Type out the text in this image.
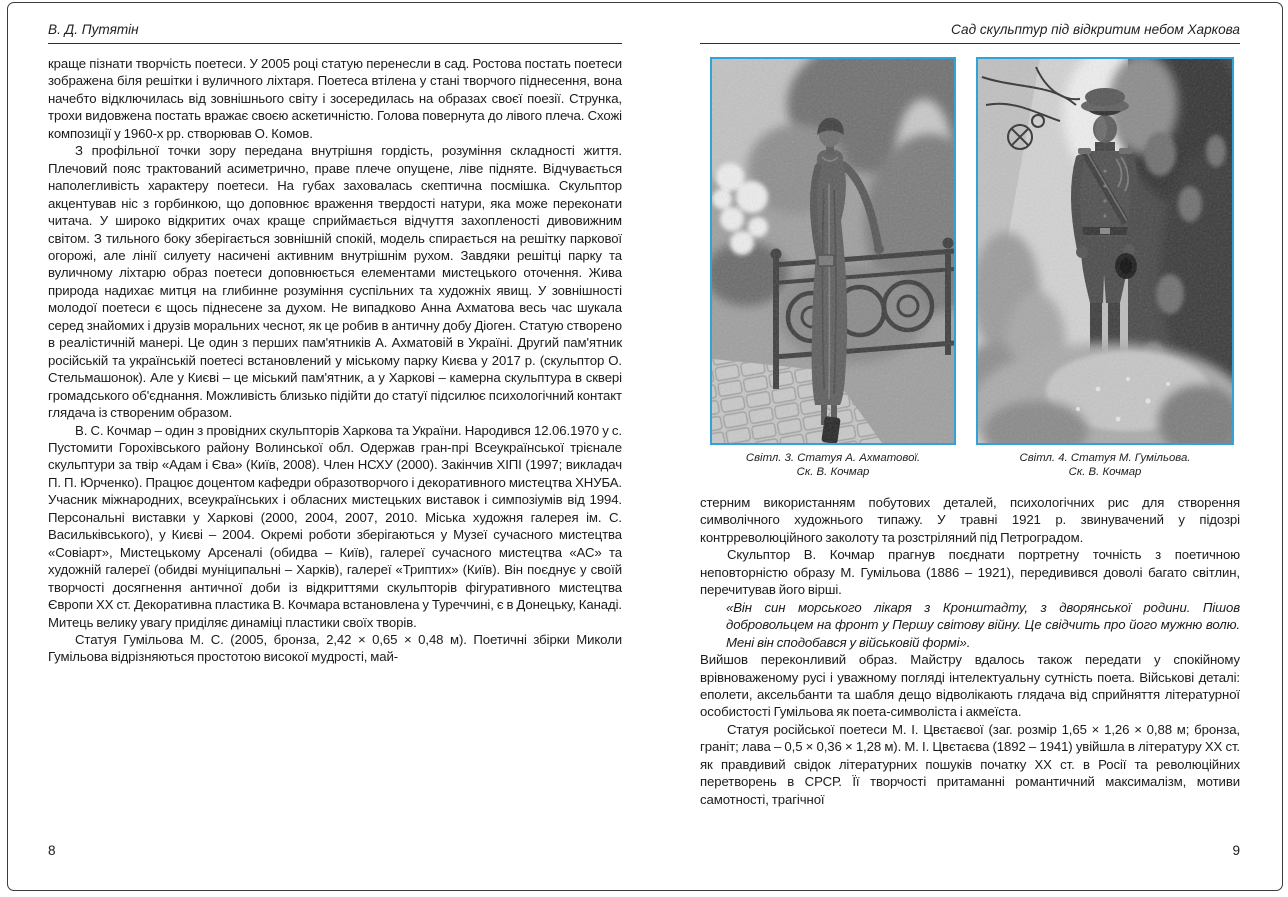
В. Д. Путятін

краще пізнати творчість поетеси. У 2005 році статую перенесли в сад. Ростова постать поетеси зображена біля решітки і вуличного ліхтаря. Поетеса втілена у стані творчого піднесення, вона начебто відключилась від зовнішнього світу і зосередилась на образах своєї поезії. Струнка, трохи видовжена постать вражає своєю аскетичністю. Голова повернута до лівого плеча. Схожі композиції у 1960-х рр. створював О. Комов.

З профільної точки зору передана внутрішня гордість, розуміння складності життя. Плечовий пояс трактований асиметрично, праве плече опущене, ліве підняте. Відчувається наполегливість характеру поетеси. На губах заховалась скептична посмішка. Скульптор акцентував ніс з горбинкою, що доповнює враження твердості натури, яка може переконати читача. У широко відкритих очах краще сприймається відчуття захопленості дивовижним світом. З тильного боку зберігається зовнішній спокій, модель спирається на решітку паркової огорожі, але лінії силуету насичені активним внутрішнім рухом. Завдяки решітці парку та вуличному ліхтарю образ поетеси доповнюється елементами мистецького оточення. Жива природа надихає митця на глибинне розуміння суспільних та художніх явищ. У зовнішності молодої поетеси є щось піднесене за духом. Не випадково Анна Ахматова весь час шукала серед знайомих і друзів моральних чеснот, як це робив в античну добу Діоген. Статую створено в реалістичній манері. Це один з перших пам'ятників А. Ахматовій в Україні. Другий пам'ятник російській та українській поетесі встановлений у міському парку Києва у 2017 р. (скульптор О. Стельмашонок). Але у Києві – це міський пам'ятник, а у Харкові – камерна скульптура в сквері громадського об'єднання. Можливість близько підійти до статуї підсилює психологічний контакт глядача із створеним образом.

В. С. Кочмар – один з провідних скульпторів Харкова та України. Народився 12.06.1970 у с. Пустомити Горохівського району Волинської обл. Одержав гран-прі Всеукраїнської трієнале скульптури за твір «Адам і Єва» (Київ, 2008). Член НСХУ (2000). Закінчив ХІПІ (1997; викладач П. П. Юрченко). Працює доцентом кафедри образотворчого і декоративного мистецтва ХНУБА. Учасник міжнародних, всеукраїнських і обласних мистецьких виставок і симпозіумів від 1994. Персональні виставки у Харкові (2000, 2004, 2007, 2010. Міська художня галерея ім. С. Васильківського), у Києві – 2004. Окремі роботи зберігаються у Музеї сучасного мистецтва «Совіарт», Мистецькому Арсеналі (обидва – Київ), галереї сучасного мистецтва «АС» та художній галереї (обидві муніципальні – Харків), галереї «Триптих» (Київ). Він поєднує у своїй творчості досягнення античної доби із відкриттями скульпторів фігуративного мистецтва Європи ХХ ст. Декоративна пластика В. Кочмара встановлена у Туреччині, є в Донецьку, Канаді. Митець велику увагу приділяє динаміці пластики своїх творів.

Статуя Гумільова М. С. (2005, бронза, 2,42 × 0,65 × 0,48 м). Поетичні збірки Миколи Гумільова відрізняються простотою високої мудрості, май-

8
Сад скульптур під відкритим небом Харкова
Світл. 3. Статуя А. Ахматової.
Ск. В. Кочмар
Світл. 4. Статуя М. Гумільова.
Ск. В. Кочмар

стерним використанням побутових деталей, психологічних рис для створення символічного художнього типажу. У травні 1921 р. звинувачений у підозрі контрреволюційного заколоту та розстріляний під Петроградом.

Скульптор В. Кочмар прагнув поєднати портретну точність з поетичною неповторністю образу М. Гумільова (1886 – 1921), передивився доволі багато світлин, перечитував його вірші.

«Він син морського лікаря з Кронштадту, з дворянської родини. Пішов добровольцем на фронт у Першу світову війну. Це свідчить про його мужню волю. Мені він сподобався у військовій формі».

Вийшов переконливий образ. Майстру вдалось також передати у спокійному врівноваженому русі і уважному погляді інтелектуальну сутність поета. Військові деталі: еполети, аксельбанти та шабля дещо відволікають глядача від сприйняття літературної особистості Гумільова як поета-символіста і акмеїста.

Статуя російської поетеси М. І. Цвєтаєвої (заг. розмір 1,65 × 1,26 × 0,88 м; бронза, граніт; лава – 0,5 × 0,36 × 1,28 м). М. І. Цвєтаєва (1892 – 1941) увійшла в літературу ХХ ст. як правдивий свідок літературних пошуків початку ХХ ст. в Росії та революційних перетворень в СРСР. Її творчості притаманні романтичний максималізм, мотиви самотності, трагічної

9
